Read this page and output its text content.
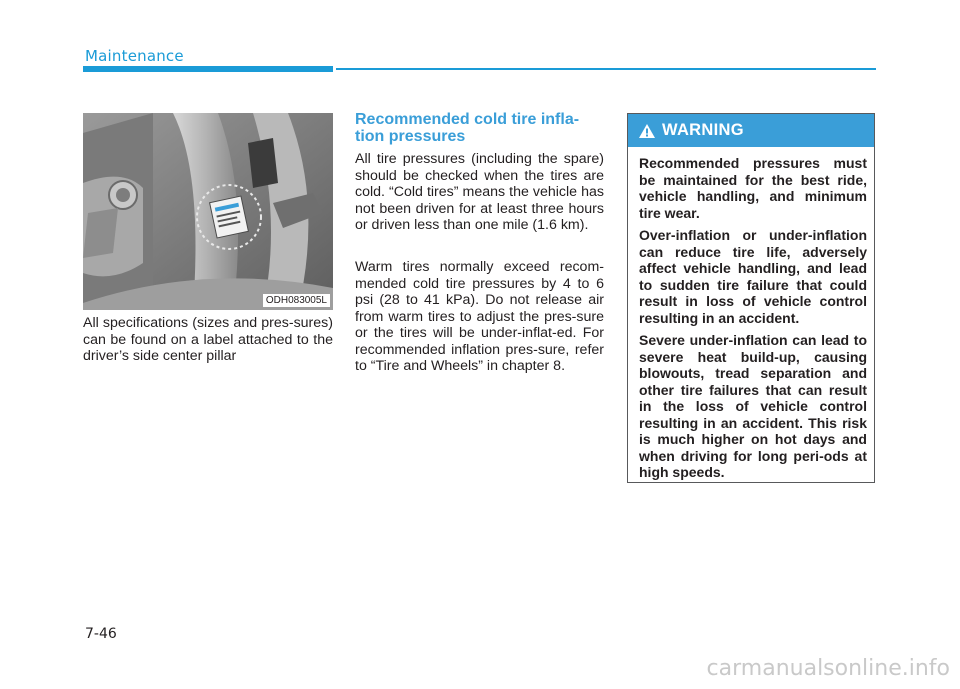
Maintenance
ODH083005L

All specifications (sizes and pres-sures) can be found on a label attached to the driver’s side center pillar

Recommended cold tire infla-tion pressures

All tire pressures (including the spare) should be checked when the tires are cold. “Cold tires” means the vehicle has not been driven for at least three hours or driven less than one mile (1.6 km).

Warm tires normally exceed recom-mended cold tire pressures by 4 to 6 psi (28 to 41 kPa). Do not release air from warm tires to adjust the pres-sure or the tires will be under-inflat-ed. For recommended inflation pres-sure, refer to “Tire and Wheels” in chapter 8.

WARNING

Recommended pressures must be maintained for the best ride, vehicle handling, and minimum tire wear.

Over-inflation or under-inflation can reduce tire life, adversely affect vehicle handling, and lead to sudden tire failure that could result in loss of vehicle control resulting in an accident.

Severe under-inflation can lead to severe heat build-up, causing blowouts, tread separation and other tire failures that can result in the loss of vehicle control resulting in an accident. This risk is much higher on hot days and when driving for long peri-ods at high speeds.

7-46
carmanualsonline.info
